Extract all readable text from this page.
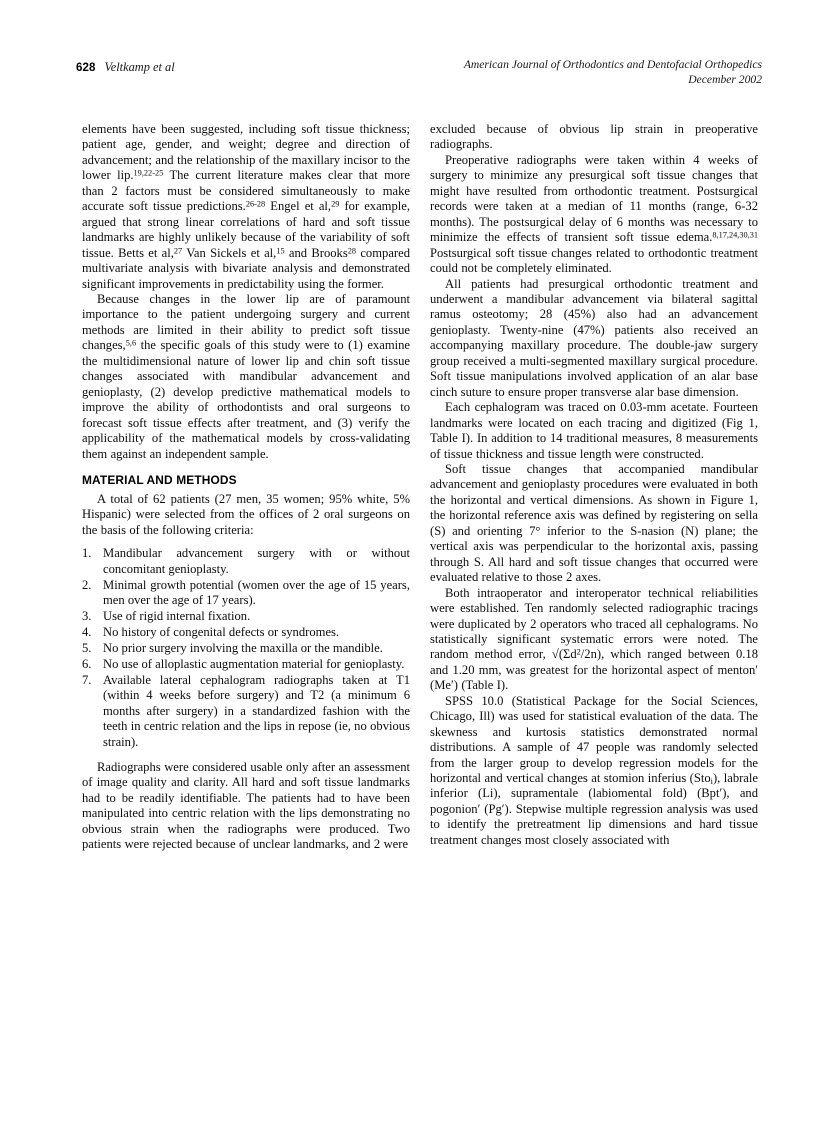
628 Veltkamp et al	American Journal of Orthodontics and Dentofacial Orthopedics
December 2002

elements have been suggested, including soft tissue thickness; patient age, gender, and weight; degree and direction of advancement; and the relationship of the maxillary incisor to the lower lip.$^{19,22-25}$ The current literature makes clear that more than 2 factors must be considered simultaneously to make accurate soft tissue predictions.$^{26-28}$ Engel et al,$^{29}$ for example, argued that strong linear correlations of hard and soft tissue landmarks are highly unlikely because of the variability of soft tissue. Betts et al,$^{27}$ Van Sickels et al,$^{15}$ and Brooks$^{28}$ compared multivariate analysis with bivariate analysis and demonstrated significant improvements in predictability using the former.

Because changes in the lower lip are of paramount importance to the patient undergoing surgery and current methods are limited in their ability to predict soft tissue changes,$^{5,6}$ the specific goals of this study were to (1) examine the multidimensional nature of lower lip and chin soft tissue changes associated with mandibular advancement and genioplasty, (2) develop predictive mathematical models to improve the ability of orthodontists and oral surgeons to forecast soft tissue effects after treatment, and (3) verify the applicability of the mathematical models by cross-validating them against an independent sample.

MATERIAL AND METHODS

A total of 62 patients (27 men, 35 women; 95% white, 5% Hispanic) were selected from the offices of 2 oral surgeons on the basis of the following criteria:

Mandibular advancement surgery with or without concomitant genioplasty.
Minimal growth potential (women over the age of 15 years, men over the age of 17 years).
Use of rigid internal fixation.
No history of congenital defects or syndromes.
No prior surgery involving the maxilla or the mandible.
No use of alloplastic augmentation material for genioplasty.
Available lateral cephalogram radiographs taken at T1 (within 4 weeks before surgery) and T2 (a minimum 6 months after surgery) in a standardized fashion with the teeth in centric relation and the lips in repose (ie, no obvious strain).

Radiographs were considered usable only after an assessment of image quality and clarity. All hard and soft tissue landmarks had to be readily identifiable. The patients had to have been manipulated into centric relation with the lips demonstrating no obvious strain when the radiographs were produced. Two patients were rejected because of unclear landmarks, and 2 were

excluded because of obvious lip strain in preoperative radiographs.

Preoperative radiographs were taken within 4 weeks of surgery to minimize any presurgical soft tissue changes that might have resulted from orthodontic treatment. Postsurgical records were taken at a median of 11 months (range, 6-32 months). The postsurgical delay of 6 months was necessary to minimize the effects of transient soft tissue edema.$^{8,17,24,30,31}$ Postsurgical soft tissue changes related to orthodontic treatment could not be completely eliminated.

All patients had presurgical orthodontic treatment and underwent a mandibular advancement via bilateral sagittal ramus osteotomy; 28 (45%) also had an advancement genioplasty. Twenty-nine (47%) patients also received an accompanying maxillary procedure. The double-jaw surgery group received a multi-segmented maxillary surgical procedure. Soft tissue manipulations involved application of an alar base cinch suture to ensure proper transverse alar base dimension.

Each cephalogram was traced on 0.03-mm acetate. Fourteen landmarks were located on each tracing and digitized (Fig 1, Table I). In addition to 14 traditional measures, 8 measurements of tissue thickness and tissue length were constructed.

Soft tissue changes that accompanied mandibular advancement and genioplasty procedures were evaluated in both the horizontal and vertical dimensions. As shown in Figure 1, the horizontal reference axis was defined by registering on sella (S) and orienting 7° inferior to the S-nasion (N) plane; the vertical axis was perpendicular to the horizontal axis, passing through S. All hard and soft tissue changes that occurred were evaluated relative to those 2 axes.

Both intraoperator and interoperator technical reliabilities were established. Ten randomly selected radiographic tracings were duplicated by 2 operators who traced all cephalograms. No statistically significant systematic errors were noted. The random method error, $√(\Sigma d^2/2n)$, which ranged between 0.18 and 1.20 mm, was greatest for the horizontal aspect of menton′ (Me′) (Table I).

SPSS 10.0 (Statistical Package for the Social Sciences, Chicago, Ill) was used for statistical evaluation of the data. The skewness and kurtosis statistics demonstrated normal distributions. A sample of 47 people was randomly selected from the larger group to develop regression models for the horizontal and vertical changes at stomion inferius (Sto$_i$), labrale inferior (Li), supramentale (labiomental fold) (Bpt′), and pogonion′ (Pg′). Stepwise multiple regression analysis was used to identify the pretreatment lip dimensions and hard tissue treatment changes most closely associated with
